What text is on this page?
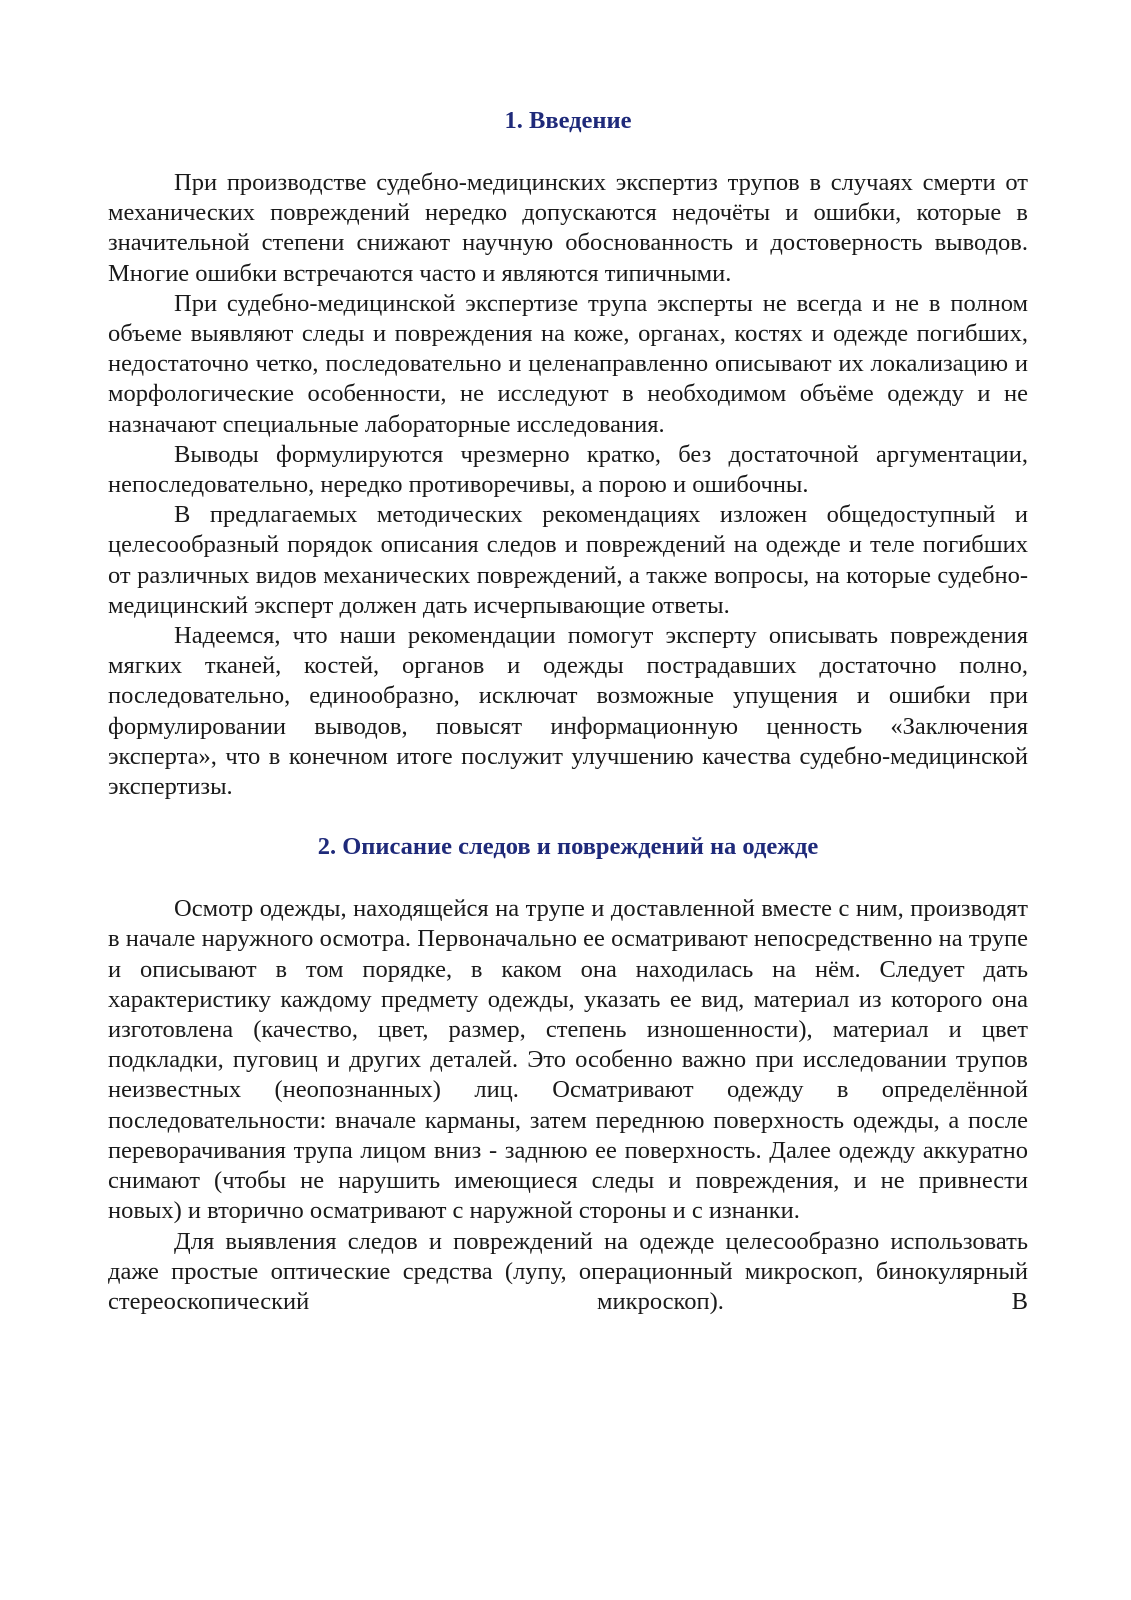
1. Введение

При производстве судебно-медицинских экспертиз трупов в случаях смерти от механических повреждений нередко допускаются недочёты и ошибки, которые в значительной степени снижают научную обоснованность и достоверность выводов. Многие ошибки встречаются часто и являются типичными.

При судебно-медицинской экспертизе трупа эксперты не всегда и не в полном объеме выявляют следы и повреждения на коже, органах, костях и одежде погибших, недостаточно четко, последовательно и целенаправленно описывают их локализацию и морфологические особенности, не исследуют в необходимом объёме одежду и не назначают специальные лабораторные исследования.

Выводы формулируются чрезмерно кратко, без достаточной аргументации, непоследовательно, нередко противоречивы, а порою и ошибочны.

В предлагаемых методических рекомендациях изложен общедоступный и целесообразный порядок описания следов и повреждений на одежде и теле погибших от различных видов механических повреждений, а также вопросы, на которые судебно-медицинский эксперт должен дать исчерпывающие ответы.

Надеемся, что наши рекомендации помогут эксперту описывать повреждения мягких тканей, костей, органов и одежды пострадавших достаточно полно, последовательно, единообразно, исключат возможные упущения и ошибки при формулировании выводов, повысят информационную ценность «Заключения эксперта», что в конечном итоге послужит улучшению качества судебно-медицинской экспертизы.

2. Описание следов и повреждений на одежде

Осмотр одежды, находящейся на трупе и доставленной вместе с ним, производят в начале наружного осмотра. Первоначально ее осматривают непосредственно на трупе и описывают в том порядке, в каком она находилась на нём. Следует дать характеристику каждому предмету одежды, указать ее вид, материал из которого она изготовлена (качество, цвет, размер, степень изношенности), материал и цвет подкладки, пуговиц и других деталей. Это особенно важно при исследовании трупов неизвестных (неопознанных) лиц. Осматривают одежду в определённой последовательности: вначале карманы, затем переднюю поверхность одежды, а после переворачивания трупа лицом вниз - заднюю ее поверхность. Далее одежду аккуратно снимают (чтобы не нарушить имеющиеся следы и повреждения, и не привнести новых) и вторично осматривают с наружной стороны и с изнанки.

Для выявления следов и повреждений на одежде целесообразно использовать даже простые оптические средства (лупу, операционный микроскоп, бинокулярный стереоскопический микроскоп). В
